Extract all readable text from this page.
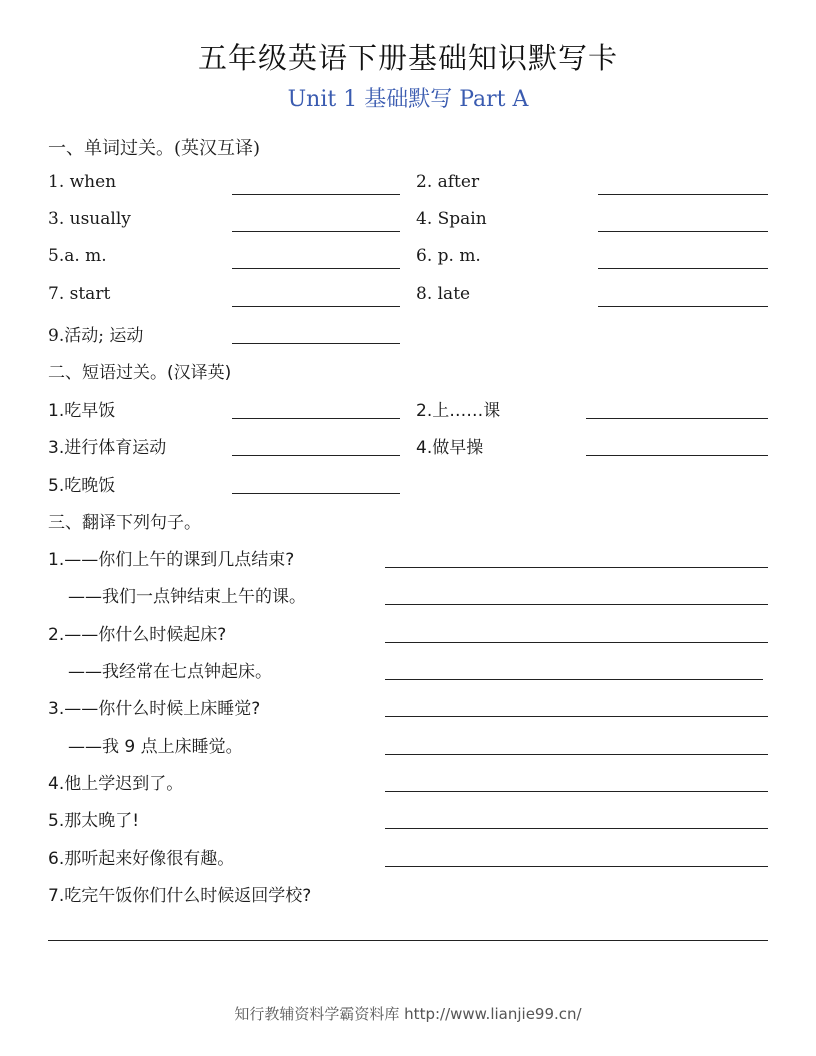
五年级英语下册基础知识默写卡
Unit 1 基础默写 Part A
一、单词过关。(英汉互译)
1. when	2. after
3. usually	4. Spain
5.a. m.	6. p. m.
7. start	8. late
9.活动; 运动
二、短语过关。(汉译英)
1.吃早饭	2.上……课
3.进行体育运动	4.做早操
5.吃晚饭
三、翻译下列句子。
1.——你们上午的课到几点结束?
——我们一点钟结束上午的课。
2.——你什么时候起床?
——我经常在七点钟起床。
3.——你什么时候上床睡觉?
——我 9 点上床睡觉。
4.他上学迟到了。
5.那太晚了!
6.那听起来好像很有趣。
7.吃完午饭你们什么时候返回学校?
知行教辅资料学霸资料库 http://www.lianjie99.cn/
